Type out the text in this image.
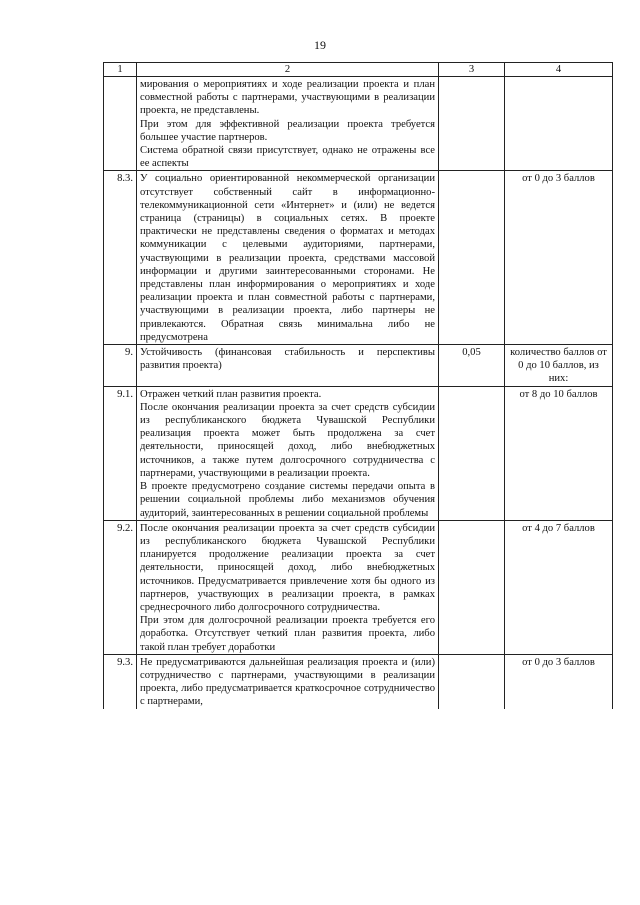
19
1	2	3	4

	мирования о мероприятиях и ходе реализации проекта и план совместной работы с партнерами, участвующими в реализации проекта, не представлены.
При этом для эффективной реализации проекта требуется большее участие партнеров.
Система обратной связи присутствует, однако не отражены все ее аспекты		

8.3.	У социально ориентированной некоммерческой организации отсутствует собственный сайт в информационно-телекоммуникационной сети «Интернет» и (или) не ведется страница (страницы) в социальных сетях. В проекте практически не представлены сведения о форматах и методах коммуникации с целевыми аудиториями, партнерами, участвующими в реализации проекта, средствами массовой информации и другими заинтересованными сторонами. Не представлены план информирования о мероприятиях и ходе реализации проекта и план совместной работы с партнерами, участвующими в реализации проекта, либо партнеры не привлекаются. Обратная связь минимальна либо не предусмотрена		от 0 до 3 баллов
9.	Устойчивость (финансовая стабильность и перспективы развития проекта)	0,05	количество баллов от 0 до 10 баллов, из них:
9.1.	Отражен четкий план развития проекта.
После окончания реализации проекта за счет средств субсидии из республиканского бюджета Чувашской Республики реализация проекта может быть продолжена за счет деятельности, приносящей доход, либо внебюджетных источников, а также путем долгосрочного сотрудничества с партнерами, участвующими в реализации проекта.
В проекте предусмотрено создание системы передачи опыта в решении социальной проблемы либо механизмов обучения аудиторий, заинтересованных в решении социальной проблемы		от 8 до 10 баллов
9.2.	После окончания реализации проекта за счет средств субсидии из республиканского бюджета Чувашской Республики планируется продолжение реализации проекта за счет деятельности, приносящей доход, либо внебюджетных источников. Предусматривается привлечение хотя бы одного из партнеров, участвующих в реализации проекта, в рамках среднесрочного либо долгосрочного сотрудничества.
При этом для долгосрочной реализации проекта требуется его доработка. Отсутствует четкий план развития проекта, либо такой план требует доработки		от 4 до 7 баллов
9.3.	Не предусматриваются дальнейшая реализация проекта и (или) сотрудничество с партнерами, участвующими в реализации проекта, либо предусматривается краткосрочное сотрудничество с партнерами,		от 0 до 3 баллов
